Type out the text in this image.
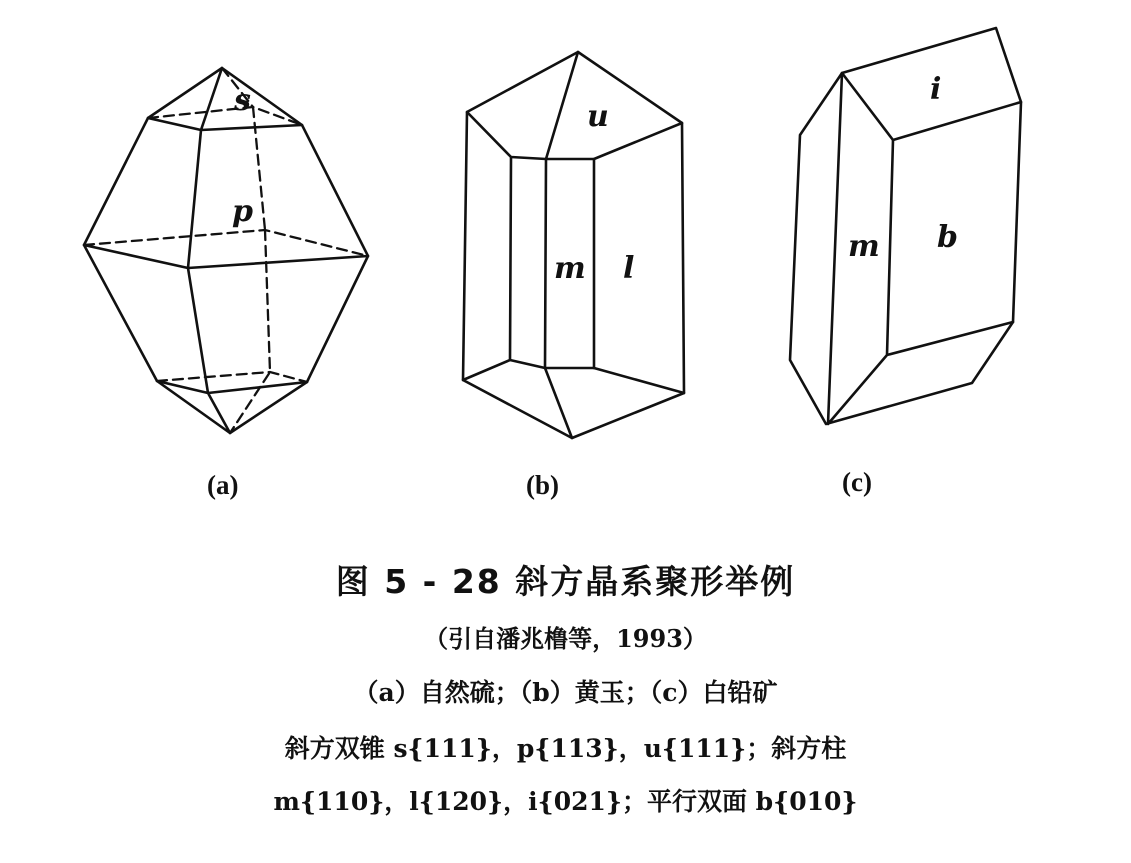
s
p
(a)
u
m l
(b)
i
m b
(c)
图 5 - 28 斜方晶系聚形举例
（引自潘兆橹等，1993）
（a）自然硫；（b）黄玉；（c）白铅矿
斜方双锥 s{111}，p{113}，u{111}；斜方柱
m{110}，l{120}，i{021}；平行双面 b{010}
